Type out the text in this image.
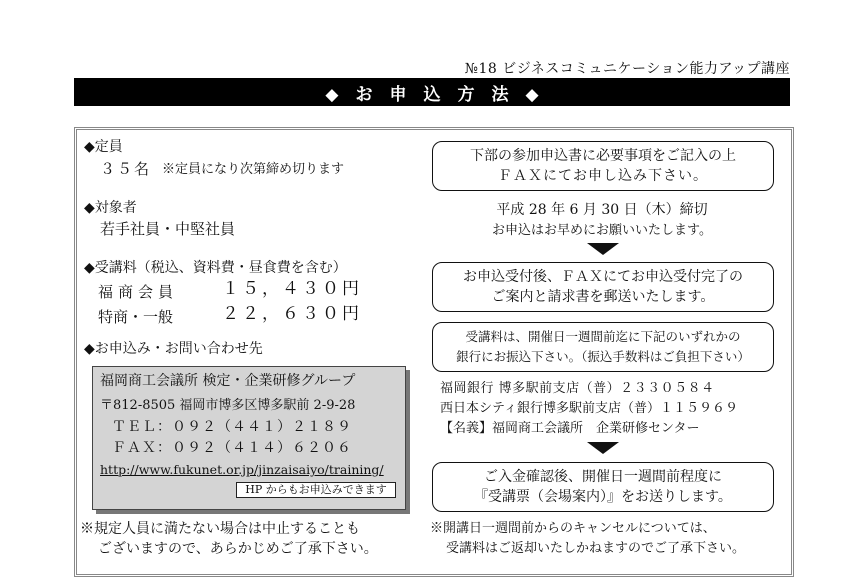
№18 ビジネスコミュニケーション能力アップ講座
◆　お　申　込　方　法　◆
◆定員
３５名 ※定員になり次第締め切ります
◆対象者
若手社員・中堅社員
◆受講料（税込、資料費・昼食費を含む）
福商会員	１５，４３０円
特商・一般	２２，６３０円
◆お申込み・お問い合わせ先
福岡商工会議所 検定・企業研修グループ
〒812-8505 福岡市博多区博多駅前 2-9-28
ＴＥＬ：０９２（４４１）２１８９
ＦＡＸ：０９２（４１４）６２０６
http://www.fukunet.or.jp/jinzaisaiyo/training/
HP からもお申込みできます
※規定人員に満たない場合は中止することも
ございますので、あらかじめご了承下さい。
下部の参加申込書に必要事項をご記入の上
ＦＡＸにてお申し込み下さい。
平成 28 年 6 月 30 日（木）締切
お申込はお早めにお願いいたします。
お申込受付後、ＦＡＸにてお申込受付完了の
ご案内と請求書を郵送いたします。
受講料は、開催日一週間前迄に下記のいずれかの
銀行にお振込下さい。（振込手数料はご負担下さい）
福岡銀行 博多駅前支店（普）２３３０５８４
西日本シティ銀行博多駅前支店（普）１１５９６９
【名義】福岡商工会議所　企業研修センター
ご入金確認後、開催日一週間前程度に
『受講票（会場案内）』をお送りします。
※開講日一週間前からのキャンセルについては、
受講料はご返却いたしかねますのでご了承下さい。
